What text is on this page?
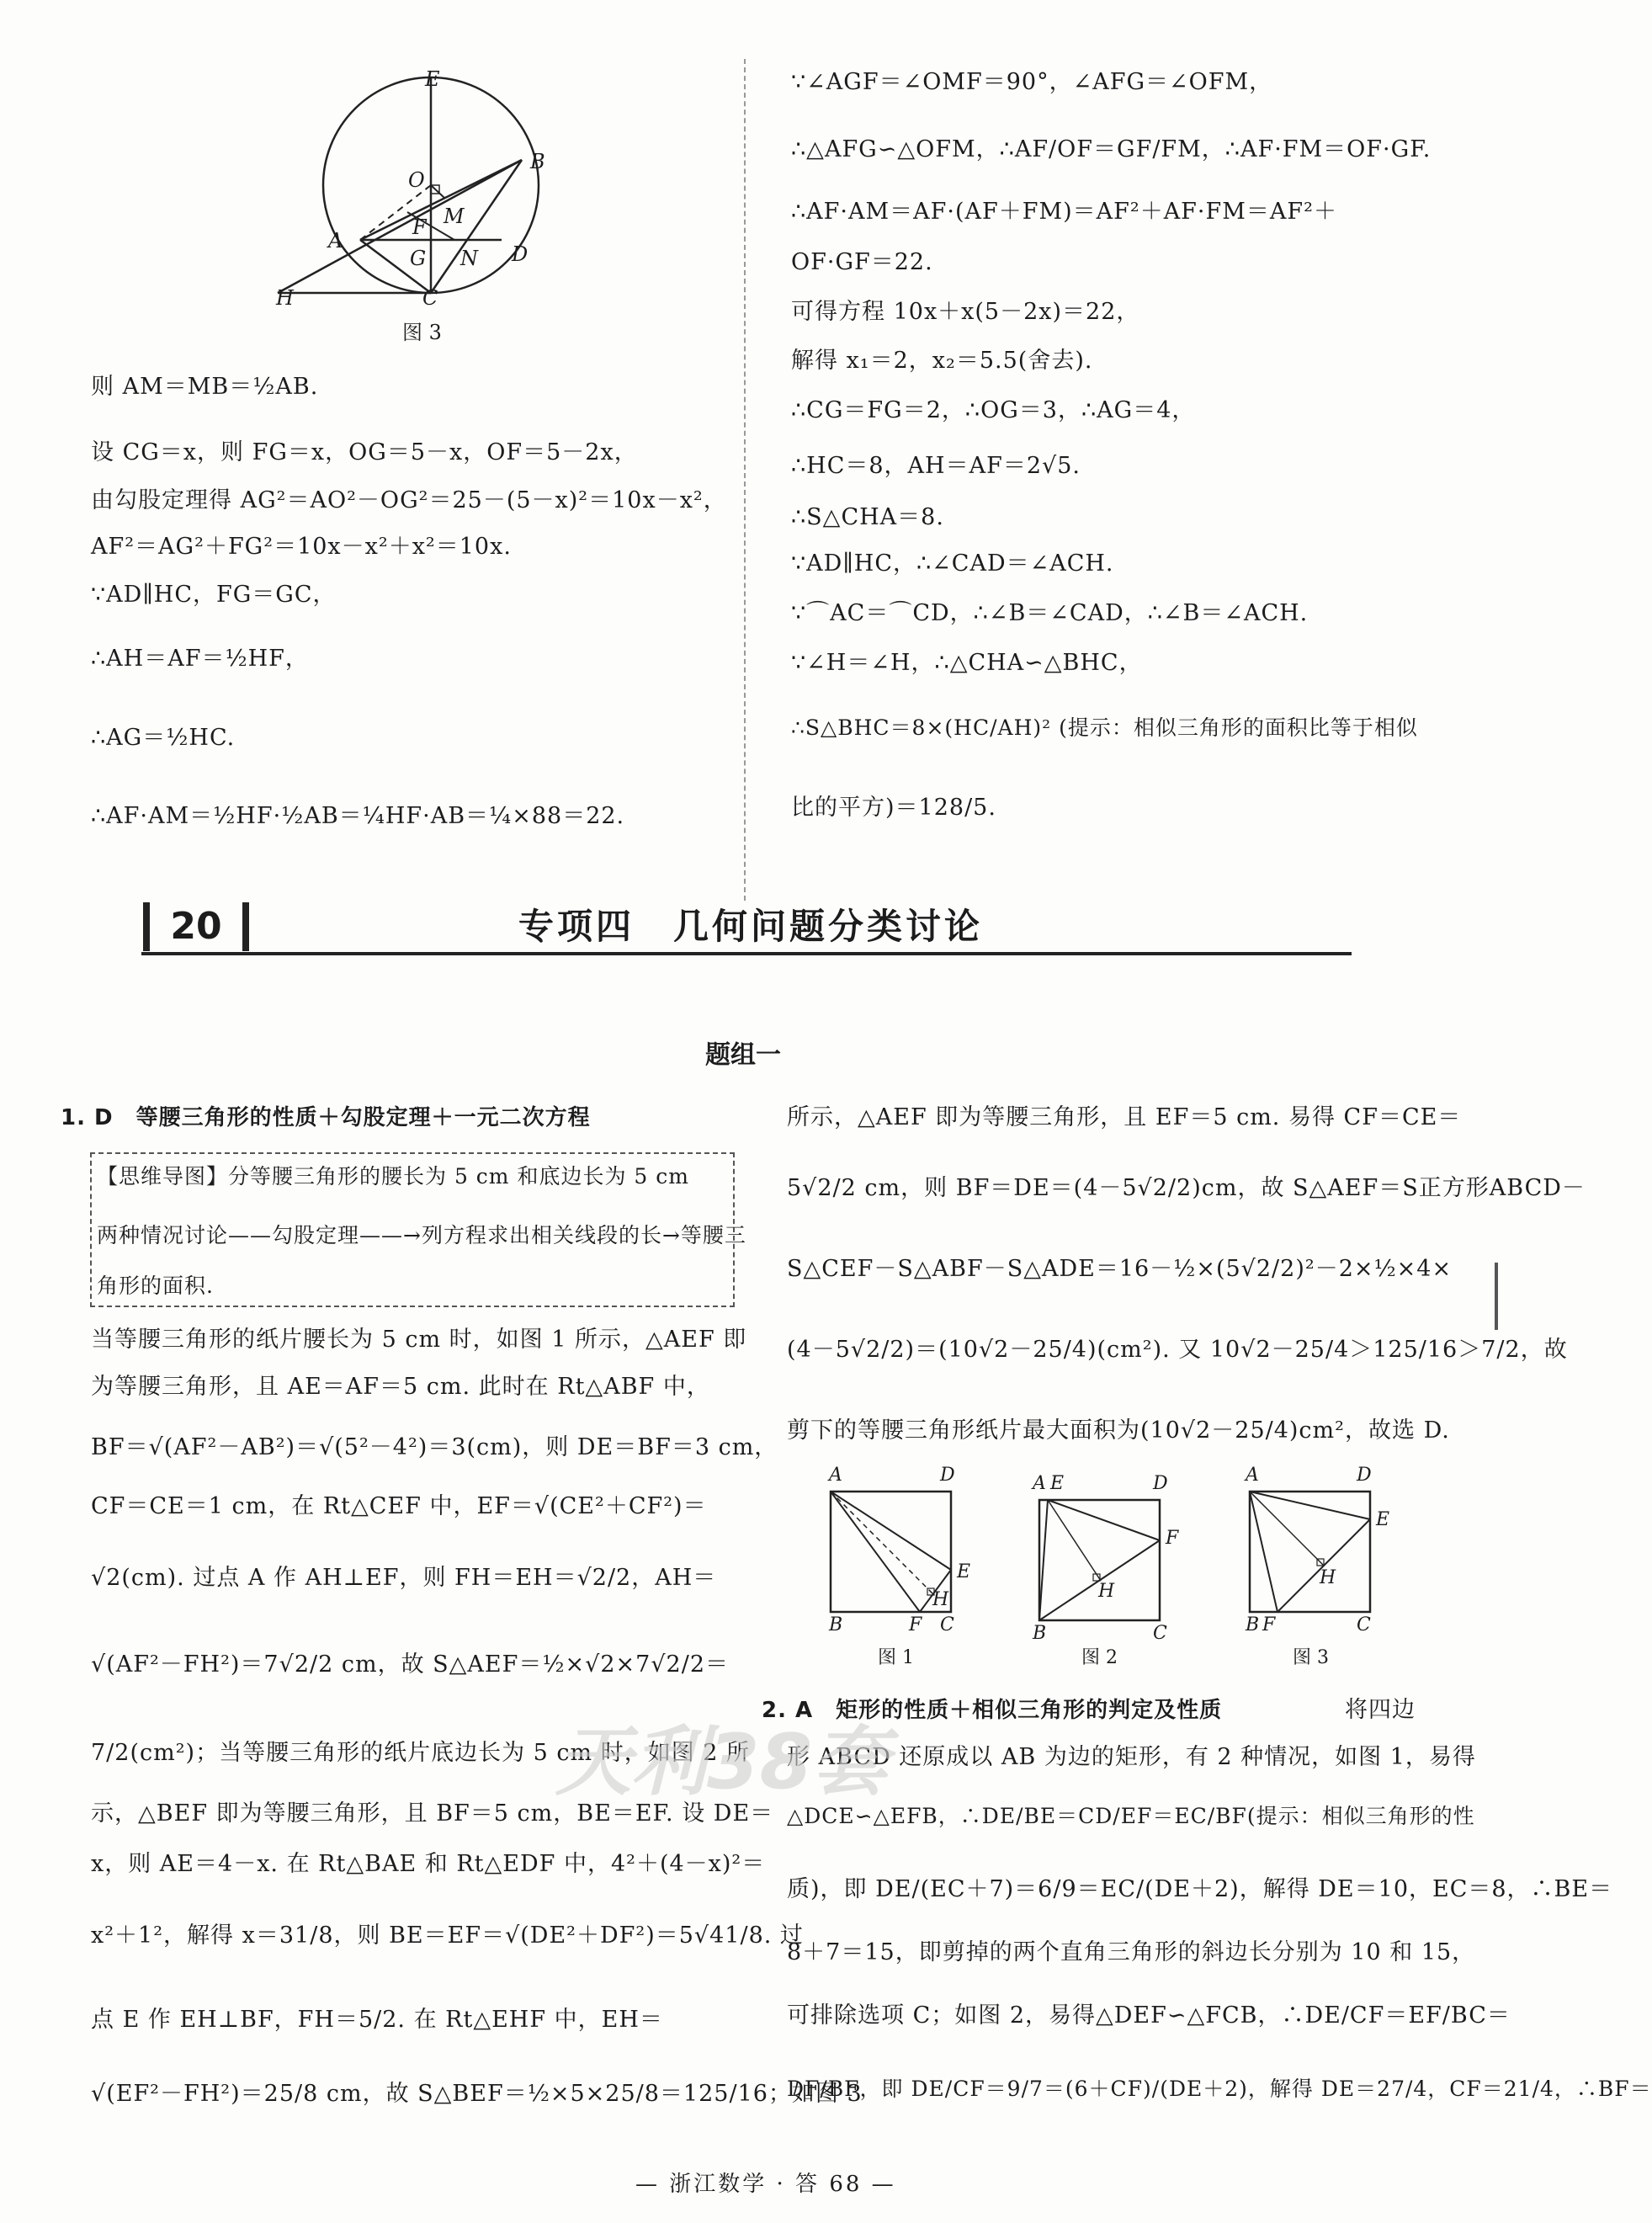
E
B
O
M
F
A
G N D
H	C
图 3
则 AM＝MB＝½AB.
设 CG＝x，则 FG＝x，OG＝5－x，OF＝5－2x，
由勾股定理得 AG²＝AO²－OG²＝25－(5－x)²＝10x－x²，
AF²＝AG²＋FG²＝10x－x²＋x²＝10x.
∵AD∥HC，FG＝GC，
∴AH＝AF＝½HF，
∴AG＝½HC.
∴AF·AM＝½HF·½AB＝¼HF·AB＝¼×88＝22.
∵∠AGF＝∠OMF＝90°，∠AFG＝∠OFM，
∴△AFG∽△OFM，∴AF/OF＝GF/FM，∴AF·FM＝OF·GF.
∴AF·AM＝AF·(AF＋FM)＝AF²＋AF·FM＝AF²＋
OF·GF＝22.
可得方程 10x＋x(5－2x)＝22，
解得 x₁＝2，x₂＝5.5(舍去).
∴CG＝FG＝2，∴OG＝3，∴AG＝4，
∴HC＝8，AH＝AF＝2√5.
∴S△CHA＝8.
∵AD∥HC，∴∠CAD＝∠ACH.
∵⌒AC＝⌒CD，∴∠B＝∠CAD，∴∠B＝∠ACH.
∵∠H＝∠H，∴△CHA∽△BHC，
∴S△BHC＝8×(HC/AH)² (提示：相似三角形的面积比等于相似
比的平方)＝128/5.
20	专项四　几何问题分类讨论
题组一
1. D　等腰三角形的性质＋勾股定理＋一元二次方程
【思维导图】分等腰三角形的腰长为 5 cm 和底边长为 5 cm
两种情况讨论——勾股定理——→列方程求出相关线段的长→等腰三
角形的面积.
当等腰三角形的纸片腰长为 5 cm 时，如图 1 所示，△AEF 即
为等腰三角形，且 AE＝AF＝5 cm. 此时在 Rt△ABF 中，
BF＝√(AF²－AB²)＝√(5²－4²)＝3(cm)，则 DE＝BF＝3 cm，
CF＝CE＝1 cm，在 Rt△CEF 中，EF＝√(CE²＋CF²)＝
√2(cm). 过点 A 作 AH⊥EF，则 FH＝EH＝√2/2，AH＝
√(AF²－FH²)＝7√2/2 cm，故 S△AEF＝½×√2×7√2/2＝
7/2(cm²)；当等腰三角形的纸片底边长为 5 cm 时，如图 2 所
示，△BEF 即为等腰三角形，且 BF＝5 cm，BE＝EF. 设 DE＝
x，则 AE＝4－x. 在 Rt△BAE 和 Rt△EDF 中，4²＋(4－x)²＝
x²＋1²，解得 x＝31/8，则 BE＝EF＝√(DE²＋DF²)＝5√41/8. 过
点 E 作 EH⊥BF，FH＝5/2. 在 Rt△EHF 中，EH＝
√(EF²－FH²)＝25/8 cm，故 S△BEF＝½×5×25/8＝125/16；如图 3
所示，△AEF 即为等腰三角形，且 EF＝5 cm. 易得 CF＝CE＝
5√2/2 cm，则 BF＝DE＝(4－5√2/2)cm，故 S△AEF＝S正方形ABCD－
S△CEF－S△ABF－S△ADE＝16－½×(5√2/2)²－2×½×4×
(4－5√2/2)＝(10√2－25/4)(cm²). 又 10√2－25/4＞125/16＞7/2，故
剪下的等腰三角形纸片最大面积为(10√2－25/4)cm²，故选 D.
A	D
E
H
B	F C
图 1
A E	D
F
H
B	C
图 2
A	D
E
H
B F	C
图 3
2. A　矩形的性质＋相似三角形的判定及性质	将四边
形 ABCD 还原成以 AB 为边的矩形，有 2 种情况，如图 1，易得
△DCE∽△EFB，∴DE/BE＝CD/EF＝EC/BF(提示：相似三角形的性
质)，即 DE/(EC＋7)＝6/9＝EC/(DE＋2)，解得 DE＝10，EC＝8，∴BE＝
8＋7＝15，即剪掉的两个直角三角形的斜边长分别为 10 和 15，
可排除选项 C；如图 2，易得△DEF∽△FCB，∴DE/CF＝EF/BC＝
DF/BF，即 DE/CF＝9/7＝(6＋CF)/(DE＋2)，解得 DE＝27/4，CF＝21/4，∴BF＝
天利38套
— 浙江数学 · 答 68 —
